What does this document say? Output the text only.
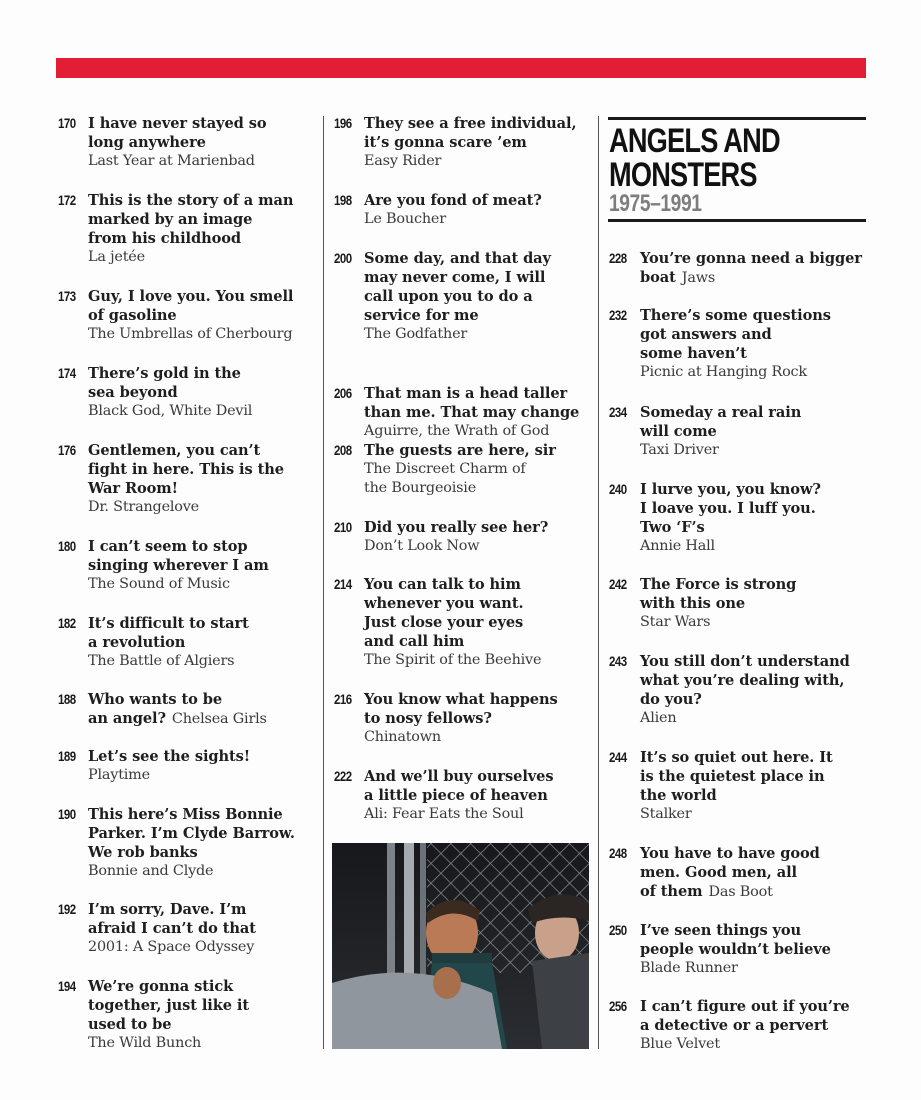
ANGELS AND
MONSTERS
1975–1991
170 I have never stayed so
long anywhere
Last Year at Marienbad
172 This is the story of a man
marked by an image
from his childhood
La jetée
173 Guy, I love you. You smell
of gasoline
The Umbrellas of Cherbourg
174 There’s gold in the
sea beyond
Black God, White Devil
176 Gentlemen, you can’t
fight in here. This is the
War Room!
Dr. Strangelove
180 I can’t seem to stop
singing wherever I am
The Sound of Music
182 It’s difficult to start
a revolution
The Battle of Algiers
188 Who wants to be
an angel? Chelsea Girls
189 Let’s see the sights!
Playtime
190 This here’s Miss Bonnie
Parker. I’m Clyde Barrow.
We rob banks
Bonnie and Clyde
192 I’m sorry, Dave. I’m
afraid I can’t do that
2001: A Space Odyssey
194 We’re gonna stick
together, just like it
used to be
The Wild Bunch
196 They see a free individual,
it’s gonna scare ’em
Easy Rider
198 Are you fond of meat?
Le Boucher
200 Some day, and that day
may never come, I will
call upon you to do a
service for me
The Godfather
206 That man is a head taller
than me. That may change
Aguirre, the Wrath of God
208 The guests are here, sir
The Discreet Charm of
the Bourgeoisie
210 Did you really see her?
Don’t Look Now
214 You can talk to him
whenever you want.
Just close your eyes
and call him
The Spirit of the Beehive
216 You know what happens
to nosy fellows?
Chinatown
222 And we’ll buy ourselves
a little piece of heaven
Ali: Fear Eats the Soul
228 You’re gonna need a bigger
boat Jaws
232 There’s some questions
got answers and
some haven’t
Picnic at Hanging Rock
234 Someday a real rain
will come
Taxi Driver
240 I lurve you, you know?
I loave you. I luff you.
Two ‘F’s
Annie Hall
242 The Force is strong
with this one
Star Wars
243 You still don’t understand
what you’re dealing with,
do you?
Alien
244 It’s so quiet out here. It
is the quietest place in
the world
Stalker
248 You have to have good
men. Good men, all
of them Das Boot
250 I’ve seen things you
people wouldn’t believe
Blade Runner
256 I can’t figure out if you’re
a detective or a pervert
Blue Velvet
